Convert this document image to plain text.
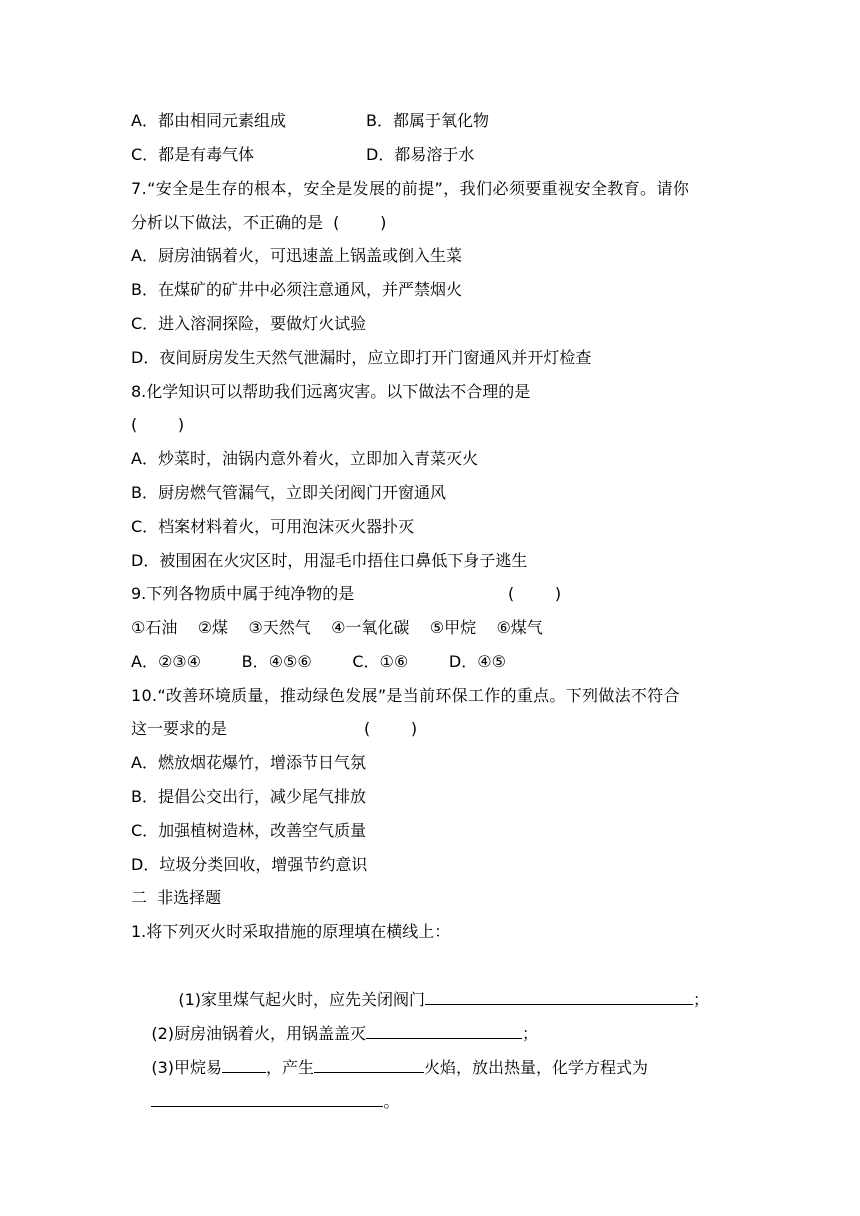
A．都由相同元素组成	B．都属于氧化物
C．都是有毒气体	D．都易溶于水
7.“安全是生存的根本，安全是发展的前提”，我们必须要重视安全教育。请你
分析以下做法，不正确的是  (        )
A．厨房油锅着火，可迅速盖上锅盖或倒入生菜
B．在煤矿的矿井中必须注意通风，并严禁烟火
C．进入溶洞探险，要做灯火试验
D．夜间厨房发生天然气泄漏时，应立即打开门窗通风并开灯检查
8.化学知识可以帮助我们远离灾害。以下做法不合理的是
(        )
A．炒菜时，油锅内意外着火，立即加入青菜灭火
B．厨房燃气管漏气，立即关闭阀门开窗通风
C．档案材料着火，可用泡沫灭火器扑灭
D．被围困在火灾区时，用湿毛巾捂住口鼻低下身子逃生
9.下列各物质中属于纯净物的是	(        )
①石油    ②煤    ③天然气    ④一氧化碳    ⑤甲烷    ⑥煤气
A．②③④        B．④⑤⑥        C．①⑥        D．④⑤
10.“改善环境质量，推动绿色发展”是当前环保工作的重点。下列做法不符合
这一要求的是	(        )
A．燃放烟花爆竹，增添节日气氛
B．提倡公交出行，减少尾气排放
C．加强植树造林，改善空气质量
D．垃圾分类回收，增强节约意识
二  非选择题
1.将下列灭火时采取措施的原理填在横线上：

(1)家里煤气起火时，应先关闭阀门	；

(2)厨房油锅着火，用锅盖盖灭	；

(3)甲烷易	，产生	火焰，放出热量，化学方程式为

。
